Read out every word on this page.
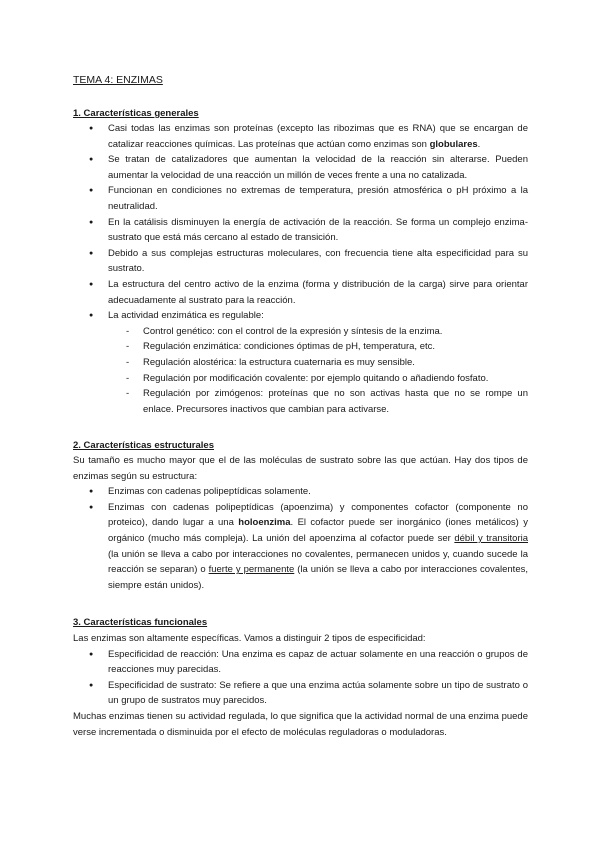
TEMA 4: ENZIMAS
1. Características generales
● Casi todas las enzimas son proteínas (excepto las ribozimas que es RNA) que se encargan de catalizar reacciones químicas. Las proteínas que actúan como enzimas son globulares.
● Se tratan de catalizadores que aumentan la velocidad de la reacción sin alterarse. Pueden aumentar la velocidad de una reacción un millón de veces frente a una no catalizada.
● Funcionan en condiciones no extremas de temperatura, presión atmosférica o pH próximo a la neutralidad.
● En la catálisis disminuyen la energía de activación de la reacción. Se forma un complejo enzima-sustrato que está más cercano al estado de transición.
● Debido a sus complejas estructuras moleculares, con frecuencia tiene alta especificidad para su sustrato.
● La estructura del centro activo de la enzima (forma y distribución de la carga) sirve para orientar adecuadamente al sustrato para la reacción.
● La actividad enzimática es regulable:
- Control genético: con el control de la expresión y síntesis de la enzima.
- Regulación enzimática: condiciones óptimas de pH, temperatura, etc.
- Regulación alostérica: la estructura cuaternaria es muy sensible.
- Regulación por modificación covalente: por ejemplo quitando o añadiendo fosfato.
- Regulación por zimógenos: proteínas que no son activas hasta que no se rompe un enlace. Precursores inactivos que cambian para activarse.
2. Características estructurales

Su tamaño es mucho mayor que el de las moléculas de sustrato sobre las que actúan. Hay dos tipos de enzimas según su estructura:

● Enzimas con cadenas polipeptídicas solamente.
● Enzimas con cadenas polipeptídicas (apoenzima) y componentes cofactor (componente no proteico), dando lugar a una holoenzima. El cofactor puede ser inorgánico (iones metálicos) y orgánico (mucho más compleja). La unión del apoenzima al cofactor puede ser débil y transitoria (la unión se lleva a cabo por interacciones no covalentes, permanecen unidos y, cuando sucede la reacción se separan) o fuerte y permanente (la unión se lleva a cabo por interacciones covalentes, siempre están unidos).
3. Características funcionales

Las enzimas son altamente específicas. Vamos a distinguir 2 tipos de especificidad:

● Especificidad de reacción: Una enzima es capaz de actuar solamente en una reacción o grupos de reacciones muy parecidas.
● Especificidad de sustrato: Se refiere a que una enzima actúa solamente sobre un tipo de sustrato o un grupo de sustratos muy parecidos.

Muchas enzimas tienen su actividad regulada, lo que significa que la actividad normal de una enzima puede verse incrementada o disminuida por el efecto de moléculas reguladoras o moduladoras.
